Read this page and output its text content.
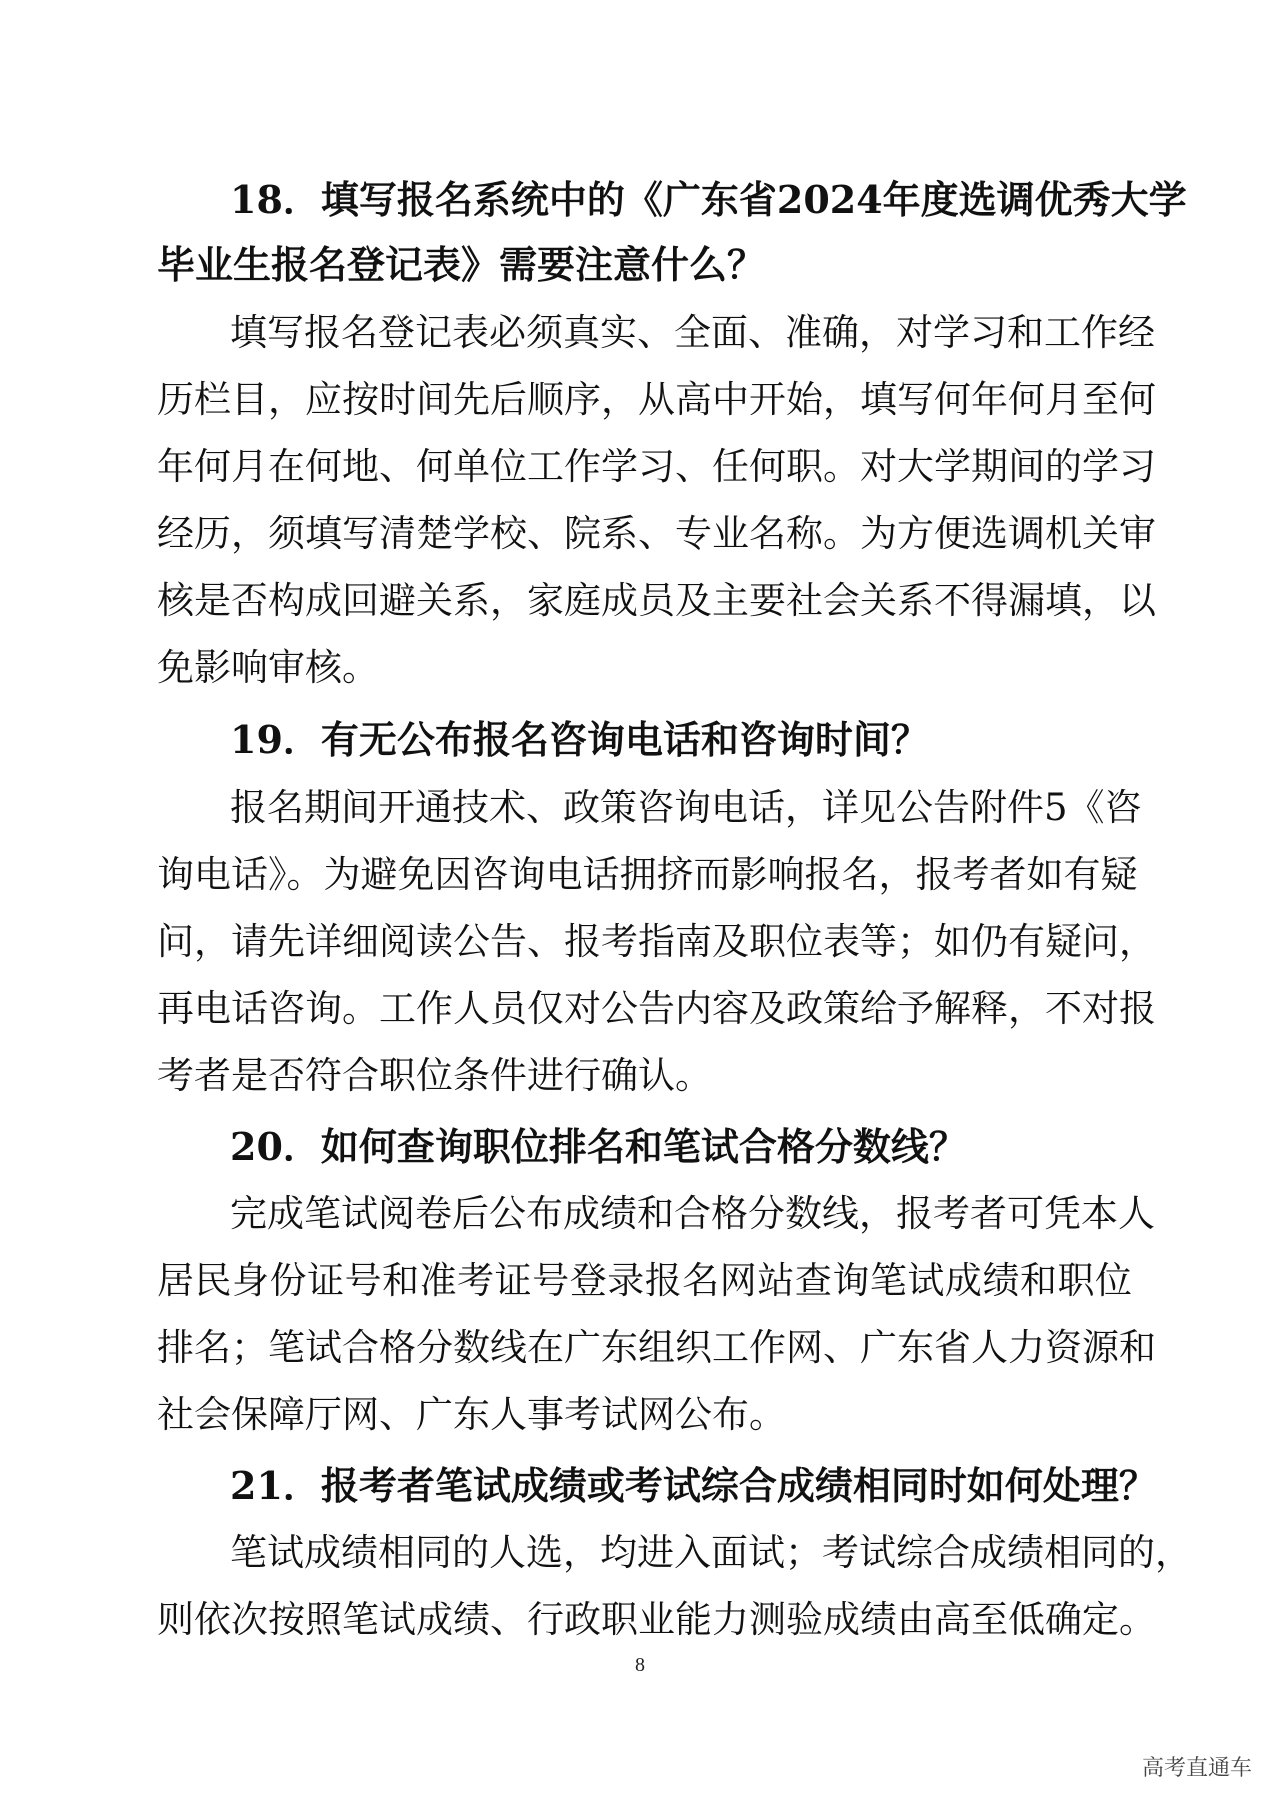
18．填写报名系统中的《广东省2024年度选调优秀大学
毕业生报名登记表》需要注意什么？
填写报名登记表必须真实、全面、准确，对学习和工作经
历栏目，应按时间先后顺序，从高中开始，填写何年何月至何
年何月在何地、何单位工作学习、任何职。对大学期间的学习
经历，须填写清楚学校、院系、专业名称。为方便选调机关审
核是否构成回避关系，家庭成员及主要社会关系不得漏填，以
免影响审核。
19．有无公布报名咨询电话和咨询时间？
报名期间开通技术、政策咨询电话，详见公告附件5《咨
询电话》。为避免因咨询电话拥挤而影响报名，报考者如有疑
问，请先详细阅读公告、报考指南及职位表等；如仍有疑问，
再电话咨询。工作人员仅对公告内容及政策给予解释，不对报
考者是否符合职位条件进行确认。
20．如何查询职位排名和笔试合格分数线？
完成笔试阅卷后公布成绩和合格分数线，报考者可凭本人
居民身份证号和准考证号登录报名网站查询笔试成绩和职位
排名；笔试合格分数线在广东组织工作网、广东省人力资源和
社会保障厅网、广东人事考试网公布。
21．报考者笔试成绩或考试综合成绩相同时如何处理？
笔试成绩相同的人选，均进入面试；考试综合成绩相同的，
则依次按照笔试成绩、行政职业能力测验成绩由高至低确定。
8
高考直通车
